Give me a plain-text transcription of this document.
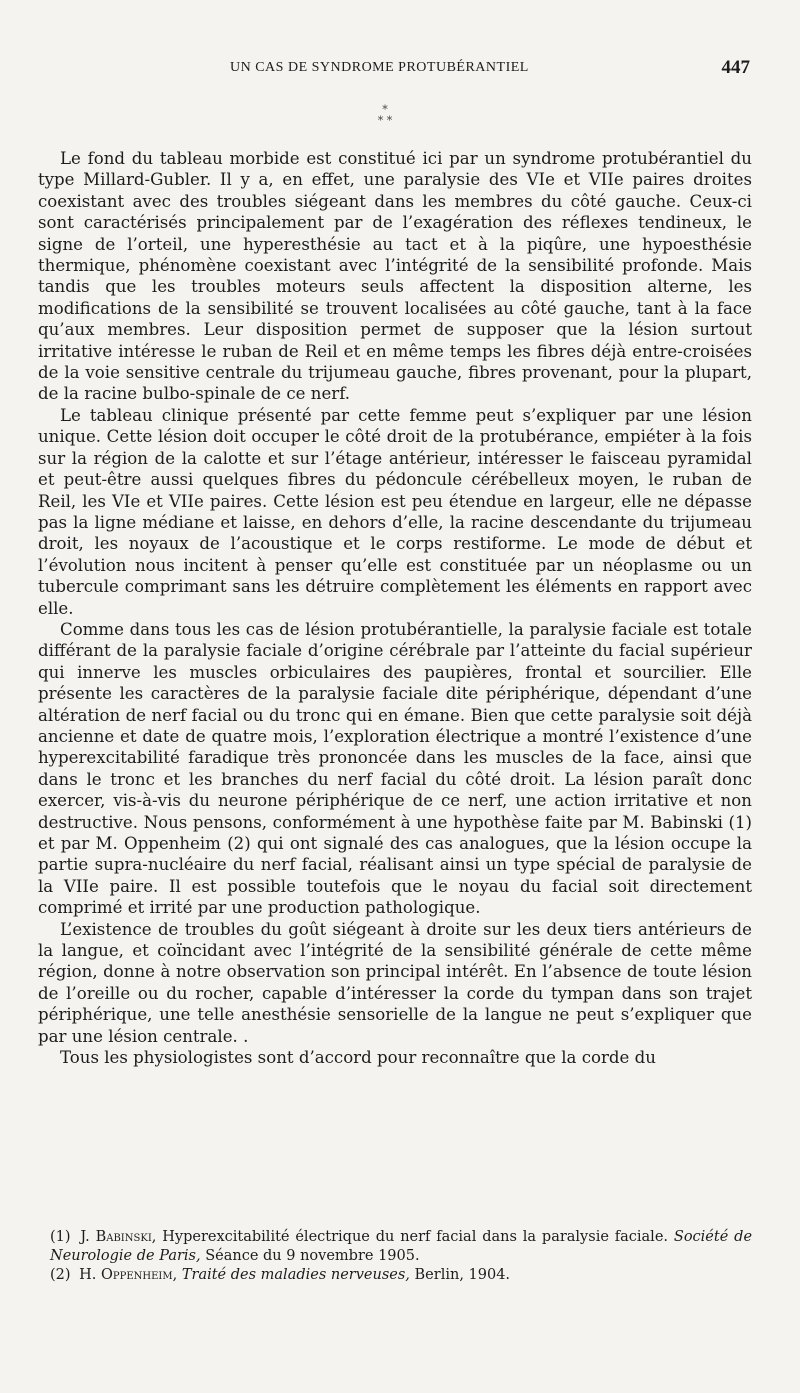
UN CAS DE SYNDROME PROTUBÉRANTIEL	447
*
* *

Le fond du tableau morbide est constitué ici par un syndrome protubérantiel du type Millard-Gubler. Il y a, en effet, une paralysie des VIe et VIIe paires droites coexistant avec des troubles siégeant dans les membres du côté gauche. Ceux-ci sont caractérisés principalement par de l’exagération des réflexes tendineux, le signe de l’orteil, une hyperesthésie au tact et à la piqûre, une hypoesthésie thermique, phénomène coexistant avec l’intégrité de la sensibilité profonde. Mais tandis que les troubles moteurs seuls affectent la disposition alterne, les modifications de la sensibilité se trouvent localisées au côté gauche, tant à la face qu’aux membres. Leur disposition permet de supposer que la lésion surtout irritative intéresse le ruban de Reil et en même temps les fibres déjà entre-croisées de la voie sensitive centrale du trijumeau gauche, fibres provenant, pour la plupart, de la racine bulbo-spinale de ce nerf.

Le tableau clinique présenté par cette femme peut s’expliquer par une lésion unique. Cette lésion doit occuper le côté droit de la protubérance, empiéter à la fois sur la région de la calotte et sur l’étage antérieur, intéresser le faisceau pyramidal et peut-être aussi quelques fibres du pédoncule cérébelleux moyen, le ruban de Reil, les VIe et VIIe paires. Cette lésion est peu étendue en largeur, elle ne dépasse pas la ligne médiane et laisse, en dehors d’elle, la racine descendante du trijumeau droit, les noyaux de l’acoustique et le corps restiforme. Le mode de début et l’évolution nous incitent à penser qu’elle est constituée par un néoplasme ou un tubercule comprimant sans les détruire complètement les éléments en rapport avec elle.

Comme dans tous les cas de lésion protubérantielle, la paralysie faciale est totale différant de la paralysie faciale d’origine cérébrale par l’atteinte du facial supérieur qui innerve les muscles orbiculaires des paupières, frontal et sourcilier. Elle présente les caractères de la paralysie faciale dite périphérique, dépendant d’une altération de nerf facial ou du tronc qui en émane. Bien que cette paralysie soit déjà ancienne et date de quatre mois, l’exploration électrique a montré l’existence d’une hyperexcitabilité faradique très prononcée dans les muscles de la face, ainsi que dans le tronc et les branches du nerf facial du côté droit. La lésion paraît donc exercer, vis-à-vis du neurone périphérique de ce nerf, une action irritative et non destructive. Nous pensons, conformément à une hypothèse faite par M. Babinski (1) et par M. Oppenheim (2) qui ont signalé des cas analogues, que la lésion occupe la partie supra-nucléaire du nerf facial, réalisant ainsi un type spécial de paralysie de la VIIe paire. Il est possible toutefois que le noyau du facial soit directement comprimé et irrité par une production pathologique.

L’existence de troubles du goût siégeant à droite sur les deux tiers antérieurs de la langue, et coïncidant avec l’intégrité de la sensibilité générale de cette même région, donne à notre observation son principal intérêt. En l’absence de toute lésion de l’oreille ou du rocher, capable d’intéresser la corde du tympan dans son trajet périphérique, une telle anesthésie sensorielle de la langue ne peut s’expliquer que par une lésion centrale. .

Tous les physiologistes sont d’accord pour reconnaître que la corde du

(1) J. Babinski, Hyperexcitabilité électrique du nerf facial dans la paralysie faciale. Société de Neurologie de Paris, Séance du 9 novembre 1905.

(2) H. Oppenheim, Traité des maladies nerveuses, Berlin, 1904.
